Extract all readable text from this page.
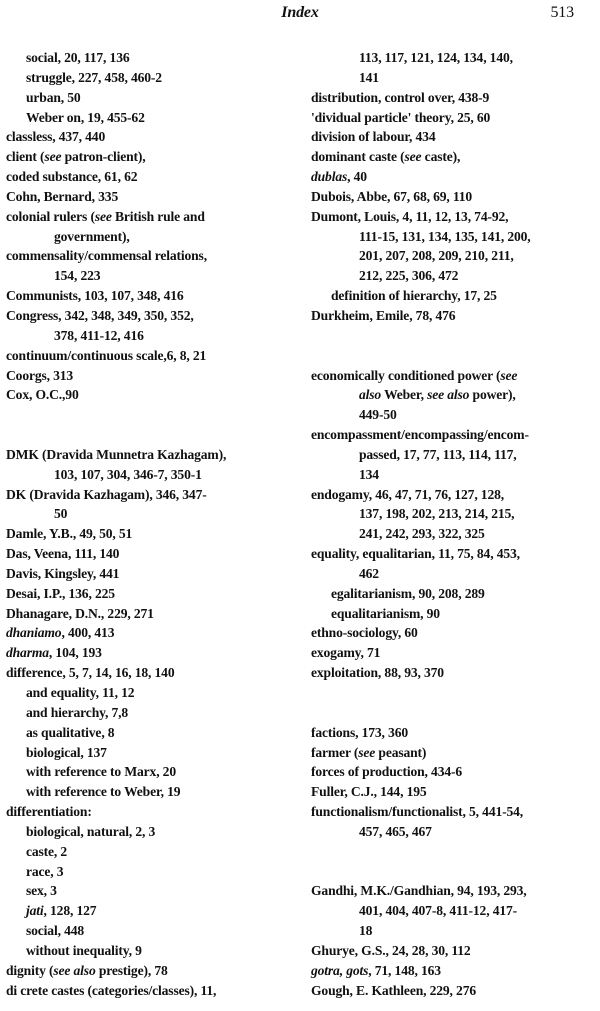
Index	513
social, 20, 117, 136
struggle, 227, 458, 460-2
urban, 50
Weber on, 19, 455-62
classless, 437, 440
client (see patron-client),
coded substance, 61, 62
Cohn, Bernard, 335
colonial rulers (see British rule and
government),
commensality/commensal relations,
154, 223
Communists, 103, 107, 348, 416
Congress, 342, 348, 349, 350, 352,
378, 411-12, 416
continuum/continuous scale,6, 8, 21
Coorgs, 313
Cox, O.C.,90
DMK (Dravida Munnetra Kazhagam),
103, 107, 304, 346-7, 350-1
DK (Dravida Kazhagam), 346, 347-
50
Damle, Y.B., 49, 50, 51
Das, Veena, 111, 140
Davis, Kingsley, 441
Desai, I.P., 136, 225
Dhanagare, D.N., 229, 271
dhaniamo, 400, 413
dharma, 104, 193
difference, 5, 7, 14, 16, 18, 140
and equality, 11, 12
and hierarchy, 7,8
as qualitative, 8
biological, 137
with reference to Marx, 20
with reference to Weber, 19
differentiation:
biological, natural, 2, 3
caste, 2
race, 3
sex, 3
jati, 128, 127
social, 448
without inequality, 9
dignity (see also prestige), 78
di crete castes (categories/classes), 11,
113, 117, 121, 124, 134, 140,
141
distribution, control over, 438-9
'dividual particle' theory, 25, 60
division of labour, 434
dominant caste (see caste),
dublas, 40
Dubois, Abbe, 67, 68, 69, 110
Dumont, Louis, 4, 11, 12, 13, 74-92,
111-15, 131, 134, 135, 141, 200,
201, 207, 208, 209, 210, 211,
212, 225, 306, 472
definition of hierarchy, 17, 25
Durkheim, Emile, 78, 476
economically conditioned power (see
also Weber, see also power),
449-50
encompassment/encompassing/encom-
passed, 17, 77, 113, 114, 117,
134
endogamy, 46, 47, 71, 76, 127, 128,
137, 198, 202, 213, 214, 215,
241, 242, 293, 322, 325
equality, equalitarian, 11, 75, 84, 453,
462
egalitarianism, 90, 208, 289
equalitarianism, 90
ethno-sociology, 60
exogamy, 71
exploitation, 88, 93, 370
factions, 173, 360
farmer (see peasant)
forces of production, 434-6
Fuller, C.J., 144, 195
functionalism/functionalist, 5, 441-54,
457, 465, 467
Gandhi, M.K./Gandhian, 94, 193, 293,
401, 404, 407-8, 411-12, 417-
18
Ghurye, G.S., 24, 28, 30, 112
gotra, gots, 71, 148, 163
Gough, E. Kathleen, 229, 276
